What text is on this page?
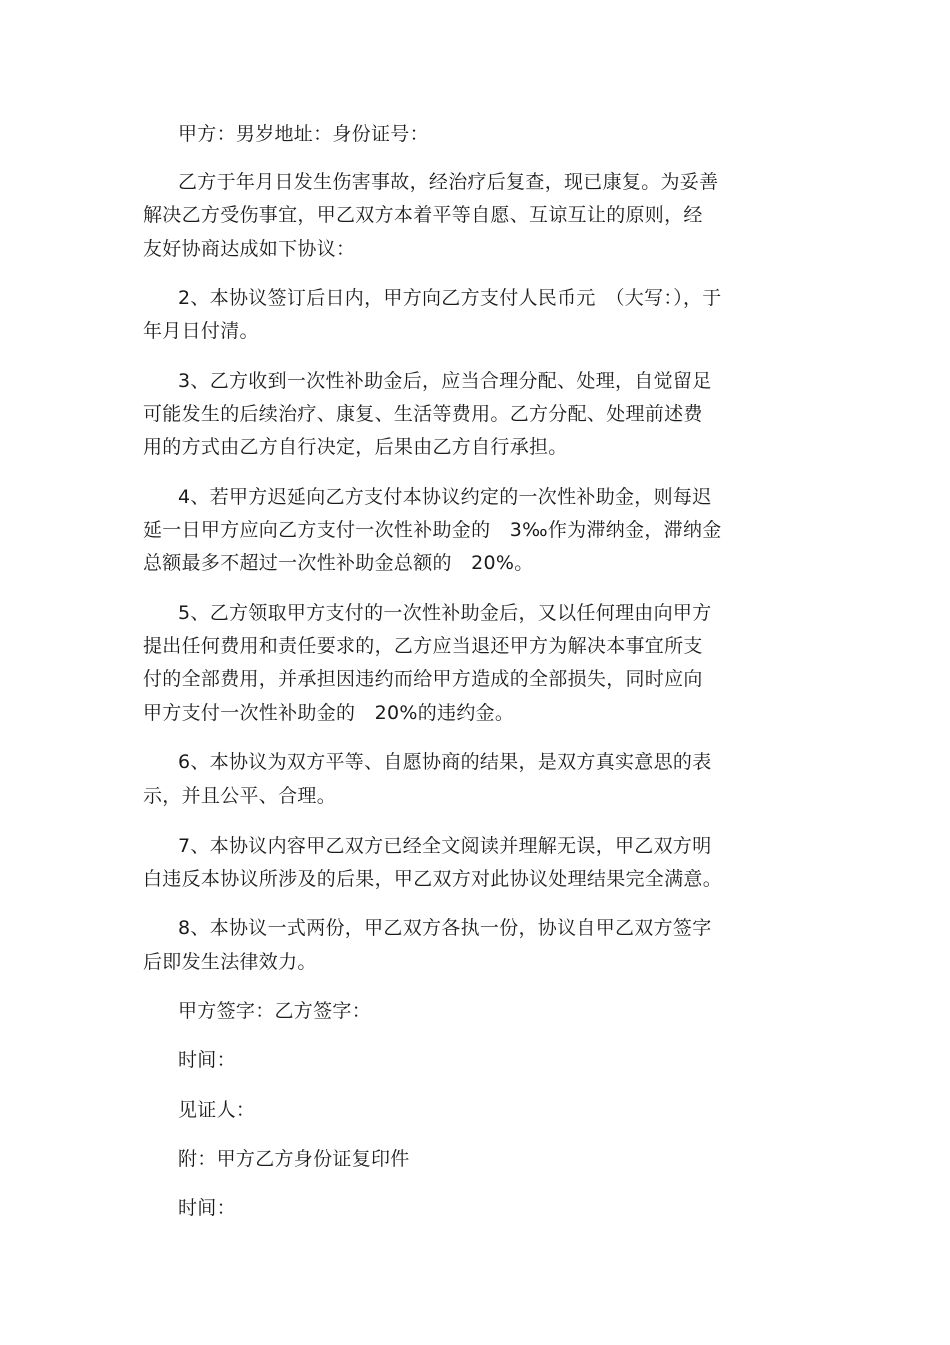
甲方：男岁地址：身份证号：
乙方于年月日发生伤害事故，经治疗后复查，现已康复。为妥善
解决乙方受伤事宜，甲乙双方本着平等自愿、互谅互让的原则，经
友好协商达成如下协议：
2、本协议签订后日内，甲方向乙方支付人民币元　（大写：），于
年月日付清。
3、乙方收到一次性补助金后，应当合理分配、处理，自觉留足
可能发生的后续治疗、康复、生活等费用。乙方分配、处理前述费
用的方式由乙方自行决定，后果由乙方自行承担。
4、若甲方迟延向乙方支付本协议约定的一次性补助金，则每迟
延一日甲方应向乙方支付一次性补助金的　3‰作为滞纳金，滞纳金
总额最多不超过一次性补助金总额的　20%。
5、乙方领取甲方支付的一次性补助金后，又以任何理由向甲方
提出任何费用和责任要求的，乙方应当退还甲方为解决本事宜所支
付的全部费用，并承担因违约而给甲方造成的全部损失，同时应向
甲方支付一次性补助金的　20%的违约金。
6、本协议为双方平等、自愿协商的结果，是双方真实意思的表
示，并且公平、合理。
7、本协议内容甲乙双方已经全文阅读并理解无误，甲乙双方明
白违反本协议所涉及的后果，甲乙双方对此协议处理结果完全满意。
8、本协议一式两份，甲乙双方各执一份，协议自甲乙双方签字
后即发生法律效力。
甲方签字：乙方签字：
时间：
见证人：
附：甲方乙方身份证复印件
时间：
